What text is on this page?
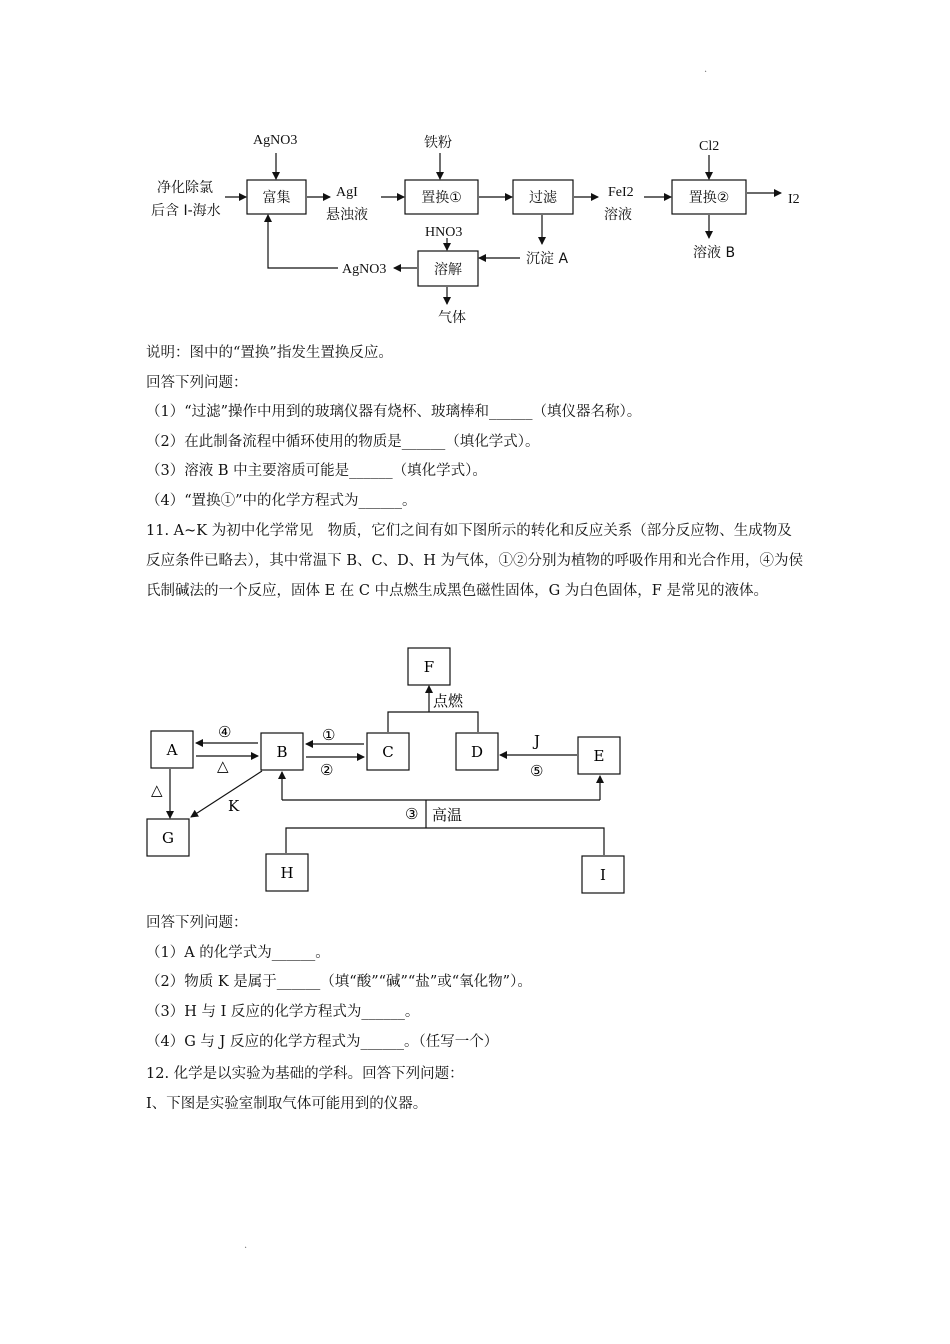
.
.
净化除氯
后含 I-海水
AgNO3	铁粉
HNO3
Cl2
富集	置换①	过滤	置换②
溶解
AgI
悬浊液
FeI2
溶液
I2
溶液 B
沉淀 A
AgNO3
气体
说明：图中的“置换”指发生置换反应。
回答下列问题：
（1）“过滤”操作中用到的玻璃仪器有烧杯、玻璃棒和______（填仪器名称）。
（2）在此制备流程中循环使用的物质是______（填化学式）。
（3）溶液 B 中主要溶质可能是______（填化学式）。
（4）“置换①”中的化学方程式为______。
11. A~K 为初中化学常见　物质，它们之间有如下图所示的转化和反应关系（部分反应物、生成物及反应条件已略去），其中常温下 B、C、D、H 为气体，①②分别为植物的呼吸作用和光合作用，④为侯氏制碱法的一个反应，固体 E 在 C 中点燃生成黑色磁性固体，G 为白色固体，F 是常见的液体。
F
A	B	C	D	E
G
H	I
点燃
④
△
△
①
②
J
⑤
K	③ 高温
回答下列问题：
（1）A 的化学式为______。
（2）物质 K 是属于______（填“酸”“碱”“盐”或“氧化物”）。
（3）H 与 I 反应的化学方程式为______。
（4）G 与 J 反应的化学方程式为______。（任写一个）
12. 化学是以实验为基础的学科。回答下列问题：
I、下图是实验室制取气体可能用到的仪器。
